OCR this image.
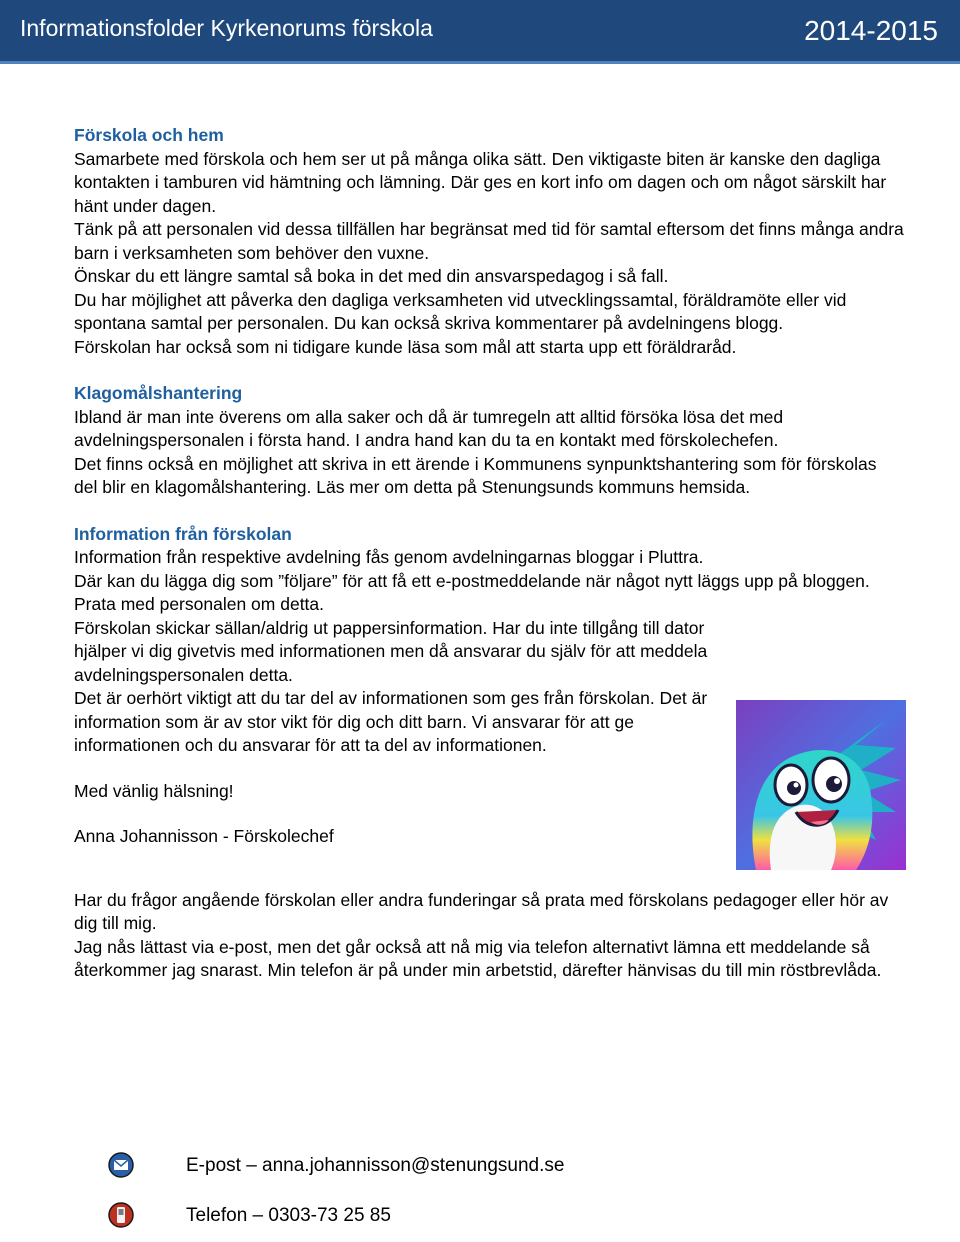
Informationsfolder Kyrkenorums förskola	2014-2015
Förskola och hem

Samarbete med förskola och hem ser ut på många olika sätt. Den viktigaste biten är kanske den dagliga kontakten i tamburen vid hämtning och lämning. Där ges en kort info om dagen och om något särskilt har hänt under dagen.

Tänk på att personalen vid dessa tillfällen har begränsat med tid för samtal eftersom det finns många andra barn i verksamheten som behöver den vuxne.

Önskar du ett längre samtal så boka in det med din ansvarspedagog i så fall.

Du har möjlighet att påverka den dagliga verksamheten vid utvecklingssamtal, föräldramöte eller vid spontana samtal per personalen. Du kan också skriva kommentarer på avdelningens blogg.

Förskolan har också som ni tidigare kunde läsa som mål att starta upp ett föräldraråd.

Klagomålshantering

Ibland är man inte överens om alla saker och då är tumregeln att alltid försöka lösa det med avdelningspersonalen i första hand. I andra hand kan du ta en kontakt med förskolechefen.

Det finns också en möjlighet att skriva in ett ärende i Kommunens synpunktshantering som för förskolas del blir en klagomålshantering. Läs mer om detta på Stenungsunds kommuns hemsida.

Information från förskolan

Information från respektive avdelning fås genom avdelningarnas bloggar i Pluttra.

Där kan du lägga dig som ”följare” för att få ett e-postmeddelande när något nytt läggs upp på bloggen. Prata med personalen om detta.

Förskolan skickar sällan/aldrig ut pappersinformation. Har du inte tillgång till dator hjälper vi dig givetvis med informationen men då ansvarar du själv för att meddela avdelningspersonalen detta.

Det är oerhört viktigt att du tar del av informationen som ges från förskolan. Det är information som är av stor vikt för dig och ditt barn. Vi ansvarar för att ge informationen och du ansvarar för att ta del av informationen.

Med vänlig hälsning!

Anna Johannisson - Förskolechef

Har du frågor angående förskolan eller andra funderingar så prata med förskolans pedagoger eller hör av dig till mig.

Jag nås lättast via e-post, men det går också att nå mig via telefon alternativt lämna ett meddelande så återkommer jag snarast. Min telefon är på under min arbetstid, därefter hänvisas du till min röstbrevlåda.

E-post – anna.johannisson@stenungsund.se
Telefon – 0303-73 25 85
